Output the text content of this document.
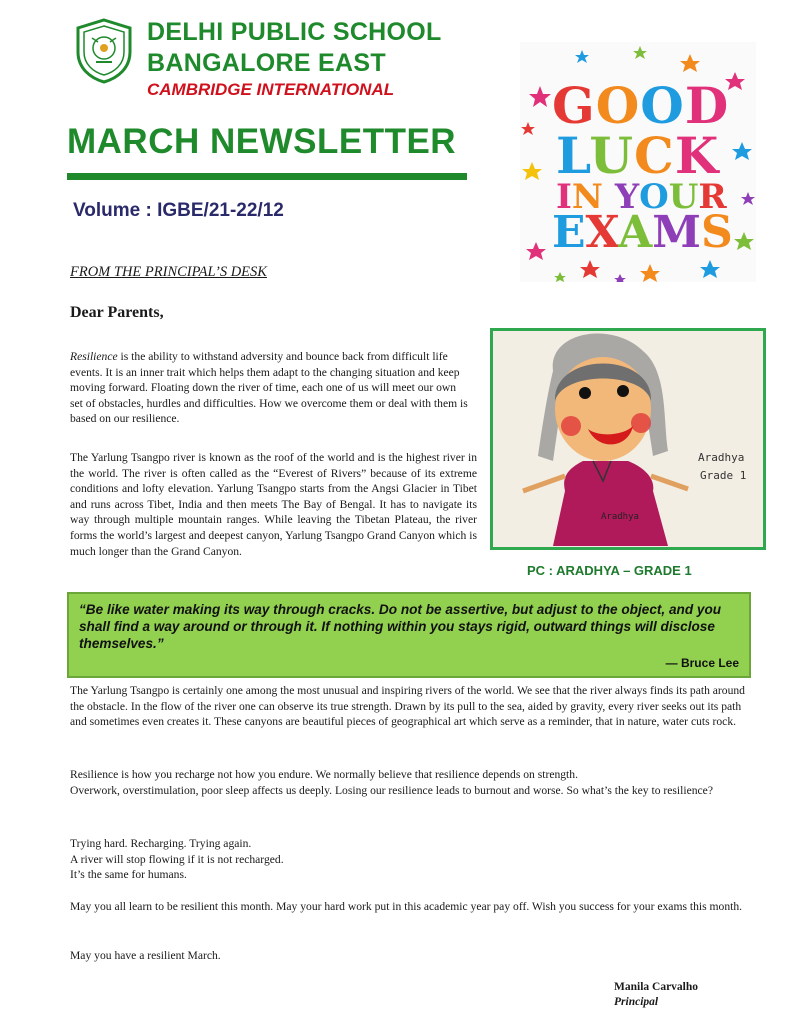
DELHI PUBLIC SCHOOL
BANGALORE EAST
CAMBRIDGE INTERNATIONAL
MARCH NEWSLETTER
Volume : IGBE/21-22/12
GOOD
LUCK
IN YOUR
EXAMS
FROM THE PRINCIPAL’S DESK
Dear Parents,
Resilience is the ability to withstand adversity and bounce back from difficult life events. It is an inner trait which helps them adapt to the changing situation and keep moving forward. Floating down the river of time, each one of us will meet our own set of obstacles, hurdles and difficulties. How we overcome them or deal with them is based on our resilience.
The Yarlung Tsangpo river is known as the roof of the world and is the highest river in the world. The river is often called as the “Everest of Rivers” because of its extreme conditions and lofty elevation. Yarlung Tsangpo starts from the Angsi Glacier in Tibet and runs across Tibet, India and then meets The Bay of Bengal. It has to navigate its way through multiple mountain ranges. While leaving the Tibetan Plateau, the river forms the world’s largest and deepest canyon, Yarlung Tsangpo Grand Canyon which is much longer than the Grand Canyon.
Aradhya
Grade 1
Aradhya
PC : ARADHYA – GRADE 1
“Be like water making its way through cracks. Do not be assertive, but adjust to the object, and you shall find a way around or through it. If nothing within you stays rigid, outward things will disclose themselves.”
— Bruce Lee
The Yarlung Tsangpo is certainly one among the most unusual and inspiring rivers of the world. We see that the river always finds its path around the obstacle. In the flow of the river one can observe its true strength. Drawn by its pull to the sea, aided by gravity, every river seeks out its path and sometimes even creates it. These canyons are beautiful pieces of geographical art which serve as a reminder, that in nature, water cuts rock.
Resilience is how you recharge not how you endure. We normally believe that resilience depends on strength.
Overwork, overstimulation, poor sleep affects us deeply. Losing our resilience leads to burnout and worse. So what’s the key to resilience?
Trying hard. Recharging. Trying again.
A river will stop flowing if it is not recharged.
It’s the same for humans.
May you all learn to be resilient this month. May your hard work put in this academic year pay off. Wish you success for your exams this month.
May you have a resilient March.
Manila Carvalho
Principal
